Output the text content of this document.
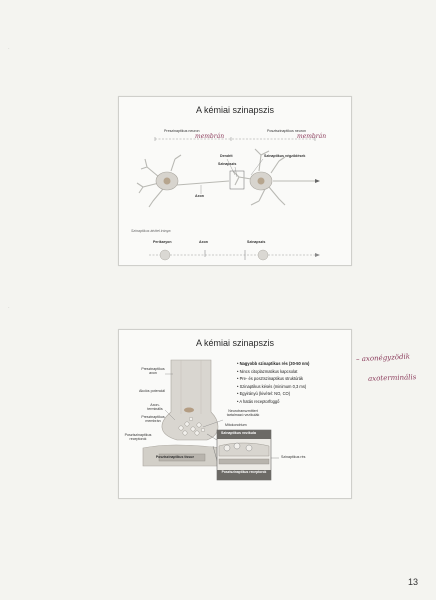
·
·
A kémiai szinapszis
Preszinaptikus neuron	Posztszinaptikus neuron
membrán	membrán
Dendrit
Szinapszis
Szinaptikus végződések
Axon
Szinaptikus átvitel iránya
Perikaryon	Axon	Szinapszis
A kémiai szinapszis
Preszinaptikus axon
Akciós potenciál
Axon-terminális
Preszinaptikus membrán
Posztszinaptikus receptorok
Posztszinaptikus tissue
Neurotranszmittert tartalmazó vezikulák
Mitokondrium
Szinaptikus vezikula
Szinaptikus rés
Posztszinaptikus receptorok
• Nagyobb szinaptikus rés (30-50 nm)
• Nincs citoplazmatikus kapcsolat
• Pre- és posztszinaptikus struktúrák
• Szinaptikus késés (minimum 0,3 ms)
• Egyirányú (kivétel: NO, CO)
• A hatás receptorfüggő
– axonégyzödik
axoterminális
13
